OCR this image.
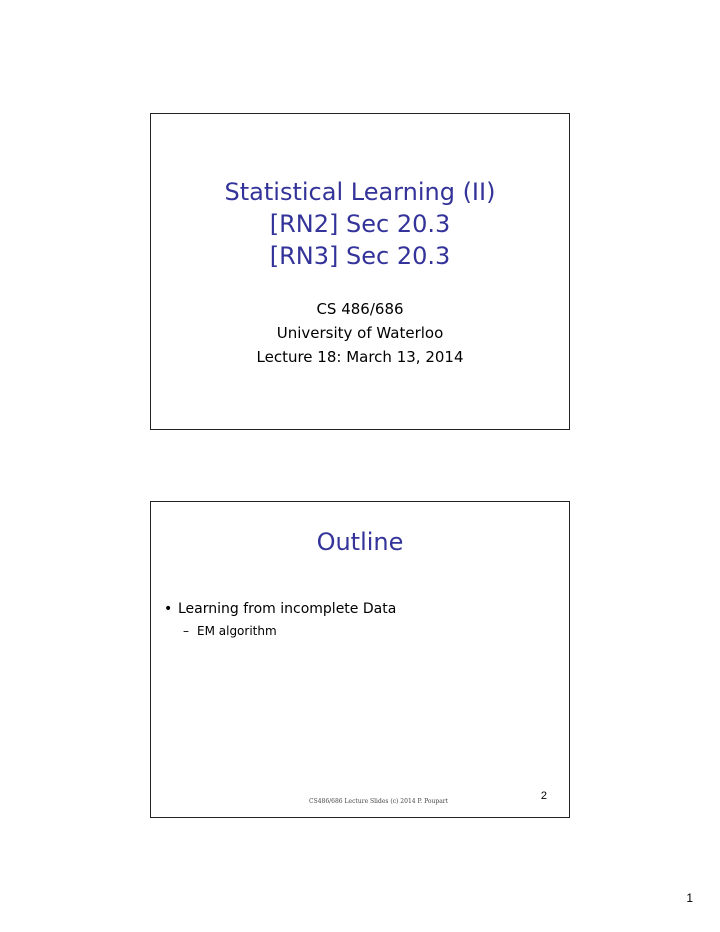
Statistical Learning (II)
[RN2] Sec 20.3
[RN3] Sec 20.3
CS 486/686
University of Waterloo
Lecture 18: March 13, 2014
Outline
• Learning from incomplete Data
– EM algorithm
CS486/686 Lecture Slides (c) 2014 P. Poupart	2
1
